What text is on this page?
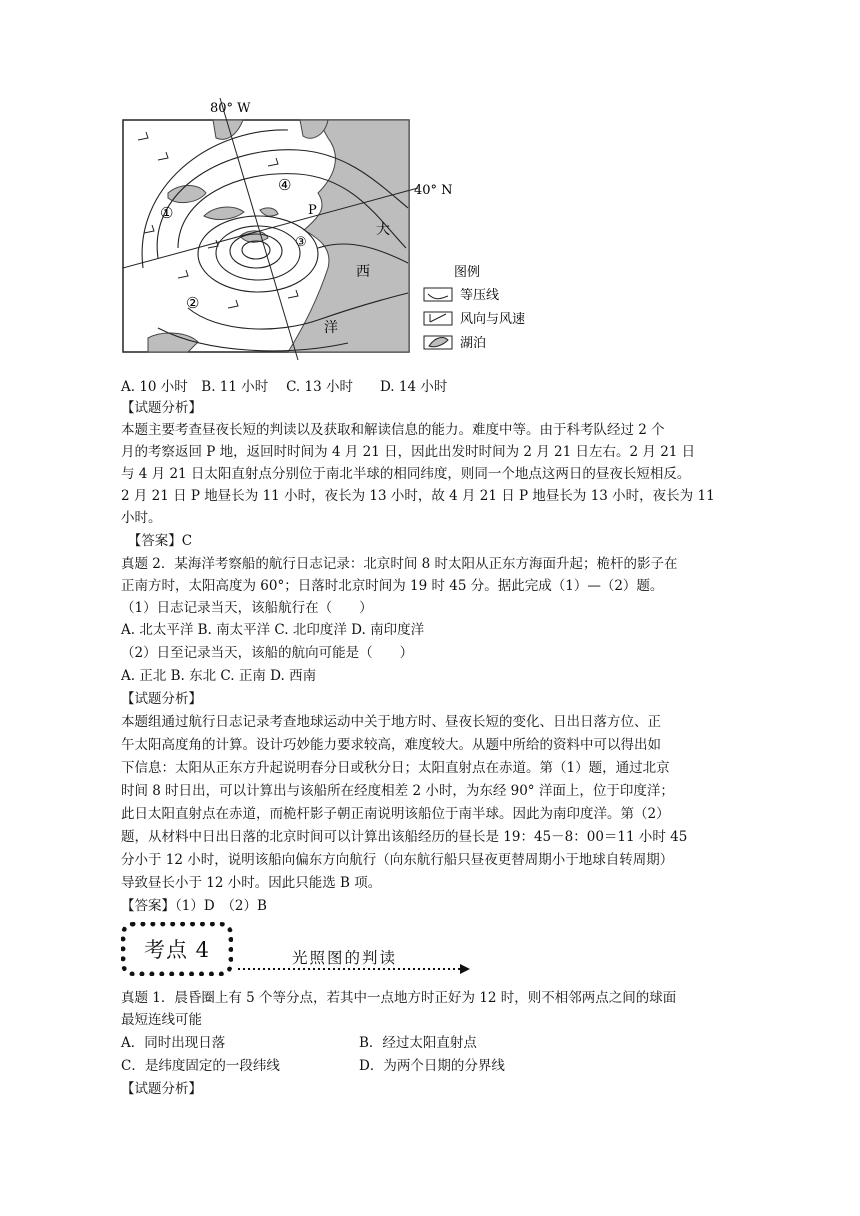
①
②
③
④
P
大
西
洋
80° W
40° N
图例
等压线
风向与风速
湖泊
A. 10 小时　B. 11 小时　 C. 13 小时　　D. 14 小时
【试题分析】
本题主要考查昼夜长短的判读以及获取和解读信息的能力。难度中等。由于科考队经过 2 个
月的考察返回 P 地，返回时时间为 4 月 21 日，因此出发时时间为 2 月 21 日左右。2 月 21 日
与 4 月 21 日太阳直射点分别位于南北半球的相同纬度，则同一个地点这两日的昼夜长短相反。
2 月 21 日 P 地昼长为 11 小时，夜长为 13 小时，故 4 月 21 日 P 地昼长为 13 小时，夜长为 11
小时。
　【答案】C
真题 2．某海洋考察船的航行日志记录：北京时间 8 时太阳从正东方海面升起；桅杆的影子在
正南方时，太阳高度为 60°；日落时北京时间为 19 时 45 分。据此完成（1）—（2）题。
（1）日志记录当天，该船航行在（　　）
A. 北太平洋 B. 南太平洋 C. 北印度洋 D. 南印度洋
（2）日至记录当天，该船的航向可能是（　　）
A. 正北 B. 东北 C. 正南 D. 西南
【试题分析】
本题组通过航行日志记录考查地球运动中关于地方时、昼夜长短的变化、日出日落方位、正
午太阳高度角的计算。设计巧妙能力要求较高，难度较大。从题中所给的资料中可以得出如
下信息：太阳从正东方升起说明春分日或秋分日；太阳直射点在赤道。第（1）题，通过北京
时间 8 时日出，可以计算出与该船所在经度相差 2 小时，为东经 90° 洋面上，位于印度洋；
此日太阳直射点在赤道，而桅杆影子朝正南说明该船位于南半球。因此为南印度洋。第（2）
题，从材料中日出日落的北京时间可以计算出该船经历的昼长是 19：45－8：00＝11 小时 45
分小于 12 小时，说明该船向偏东方向航行（向东航行船只昼夜更替周期小于地球自转周期）
导致昼长小于 12 小时。因此只能选 B 项。
【答案】（1）D　（2）B
考点 4	光照图的判读
真题 1．晨昏圈上有 5 个等分点，若其中一点地方时正好为 12 时，则不相邻两点之间的球面
最短连线可能
A．同时出现日落	B．经过太阳直射点
C．是纬度固定的一段纬线	D．为两个日期的分界线
【试题分析】
